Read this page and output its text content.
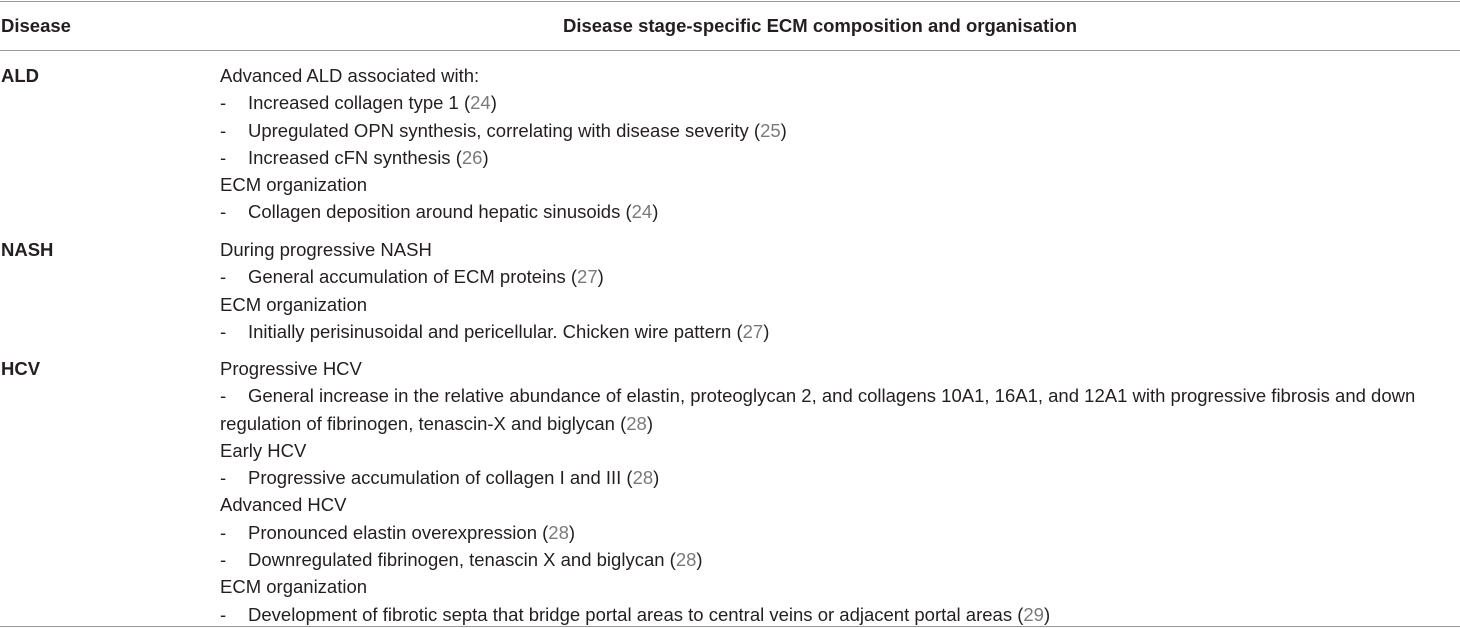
Disease	Disease stage-specific ECM composition and organisation
ALD	Advanced ALD associated with:
- Increased collagen type 1 (24)
- Upregulated OPN synthesis, correlating with disease severity (25)
- Increased cFN synthesis (26)
ECM organization
- Collagen deposition around hepatic sinusoids (24)
NASH	During progressive NASH
- General accumulation of ECM proteins (27)
ECM organization
- Initially perisinusoidal and pericellular. Chicken wire pattern (27)
HCV	Progressive HCV
- General increase in the relative abundance of elastin, proteoglycan 2, and collagens 10A1, 16A1, and 12A1 with progressive fibrosis and down regulation of fibrinogen, tenascin-X and biglycan (28)
Early HCV
- Progressive accumulation of collagen I and III (28)
Advanced HCV
- Pronounced elastin overexpression (28)
- Downregulated fibrinogen, tenascin X and biglycan (28)
ECM organization
- Development of fibrotic septa that bridge portal areas to central veins or adjacent portal areas (29)
